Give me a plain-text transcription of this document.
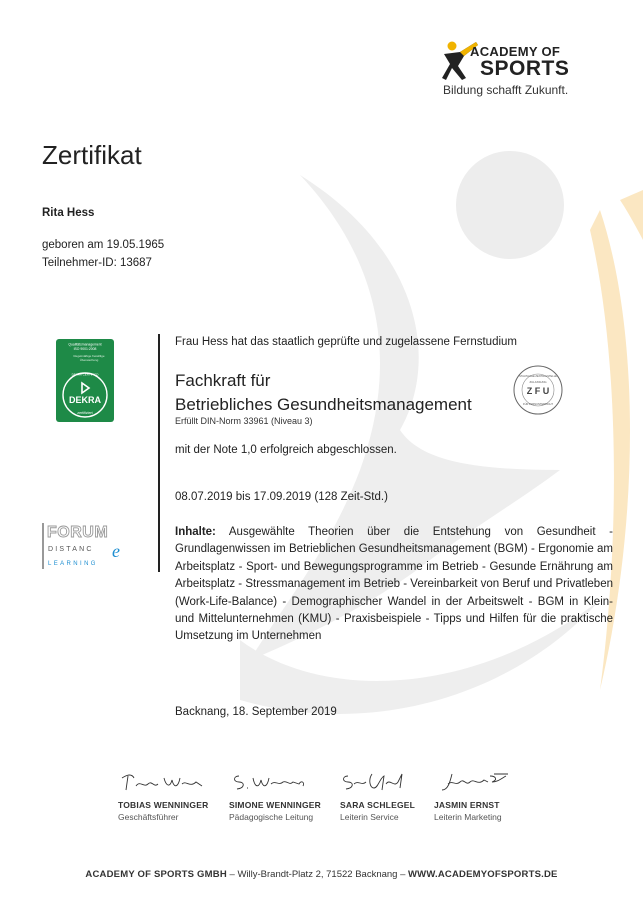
ACADEMY OF
SPORTS
Bildung schafft Zukunft.
Zertifikat
Rita Hess
geboren am 19.05.1965
Teilnehmer-ID: 13687
Qualitätsmanagement
ISO 9001:2008
Regelmäßige freiwillige
Überwachung
DEKRA CERTIFIED
DEKRA
zertifiziert
Frau Hess hat das staatlich geprüfte und zugelassene Fernstudium
Fachkraft für
Betriebliches Gesundheitsmanagement
Erfüllt DIN-Norm 33961 (Niveau 3)
mit der Note 1,0 erfolgreich abgeschlossen.
08.07.2019 bis 17.09.2019 (128 Zeit-Std.)
STAATLICHE ZENTRALSTELLE
ZULASSUNG
Z F U
FÜR FERNUNTERRICHT
FORUM
DISTANC e
LEARNING
Inhalte: Ausgewählte Theorien über die Entstehung von Gesundheit - Grundlagenwissen im Betrieblichen Gesundheitsmanagement (BGM) - Ergonomie am Arbeitsplatz - Sport- und Bewegungsprogramme im Betrieb - Gesunde Ernährung am Arbeitsplatz - Stressmanagement im Betrieb - Vereinbarkeit von Beruf und Privatleben (Work-Life-Balance) - Demographischer Wandel in der Arbeitswelt - BGM in Klein- und Mittelunternehmen (KMU) - Praxisbeispiele - Tipps und Hilfen für die praktische Umsetzung im Unternehmen
Backnang, 18. September 2019
TOBIAS WENNINGER
Geschäftsführer
SIMONE WENNINGER
Pädagogische Leitung
SARA SCHLEGEL
Leiterin Service
JASMIN ERNST
Leiterin Marketing
ACADEMY OF SPORTS GMBH – Willy-Brandt-Platz 2, 71522 Backnang – WWW.ACADEMYOFSPORTS.DE
